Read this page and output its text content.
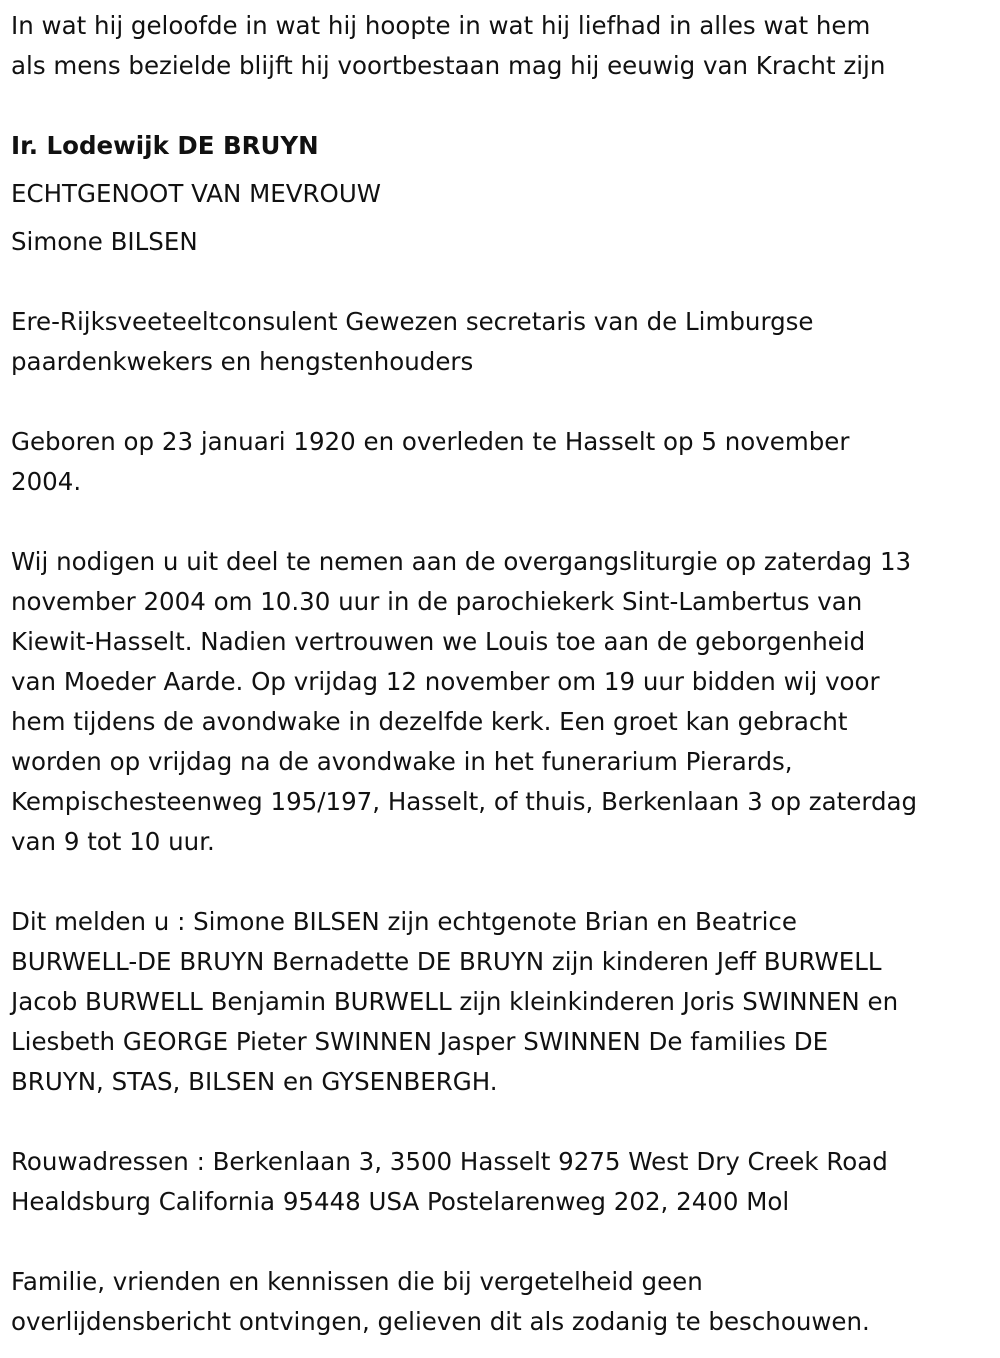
In wat hij geloofde in wat hij hoopte in wat hij liefhad in alles wat hem
als mens bezielde blijft hij voortbestaan mag hij eeuwig van Kracht zijn
Ir. Lodewijk DE BRUYN
ECHTGENOOT VAN MEVROUW
Simone BILSEN
Ere-Rijksveeteeltconsulent Gewezen secretaris van de Limburgse
paardenkwekers en hengstenhouders
Geboren op 23 januari 1920 en overleden te Hasselt op 5 november
2004.
Wij nodigen u uit deel te nemen aan de overgangsliturgie op zaterdag 13
november 2004 om 10.30 uur in de parochiekerk Sint-Lambertus van
Kiewit-Hasselt. Nadien vertrouwen we Louis toe aan de geborgenheid
van Moeder Aarde. Op vrijdag 12 november om 19 uur bidden wij voor
hem tijdens de avondwake in dezelfde kerk. Een groet kan gebracht
worden op vrijdag na de avondwake in het funerarium Pierards,
Kempischesteenweg 195/197, Hasselt, of thuis, Berkenlaan 3 op zaterdag
van 9 tot 10 uur.
Dit melden u : Simone BILSEN zijn echtgenote Brian en Beatrice
BURWELL-DE BRUYN Bernadette DE BRUYN zijn kinderen Jeff BURWELL
Jacob BURWELL Benjamin BURWELL zijn kleinkinderen Joris SWINNEN en
Liesbeth GEORGE Pieter SWINNEN Jasper SWINNEN De families DE
BRUYN, STAS, BILSEN en GYSENBERGH.
Rouwadressen : Berkenlaan 3, 3500 Hasselt 9275 West Dry Creek Road
Healdsburg California 95448 USA Postelarenweg 202, 2400 Mol
Familie, vrienden en kennissen die bij vergetelheid geen
overlijdensbericht ontvingen, gelieven dit als zodanig te beschouwen.
